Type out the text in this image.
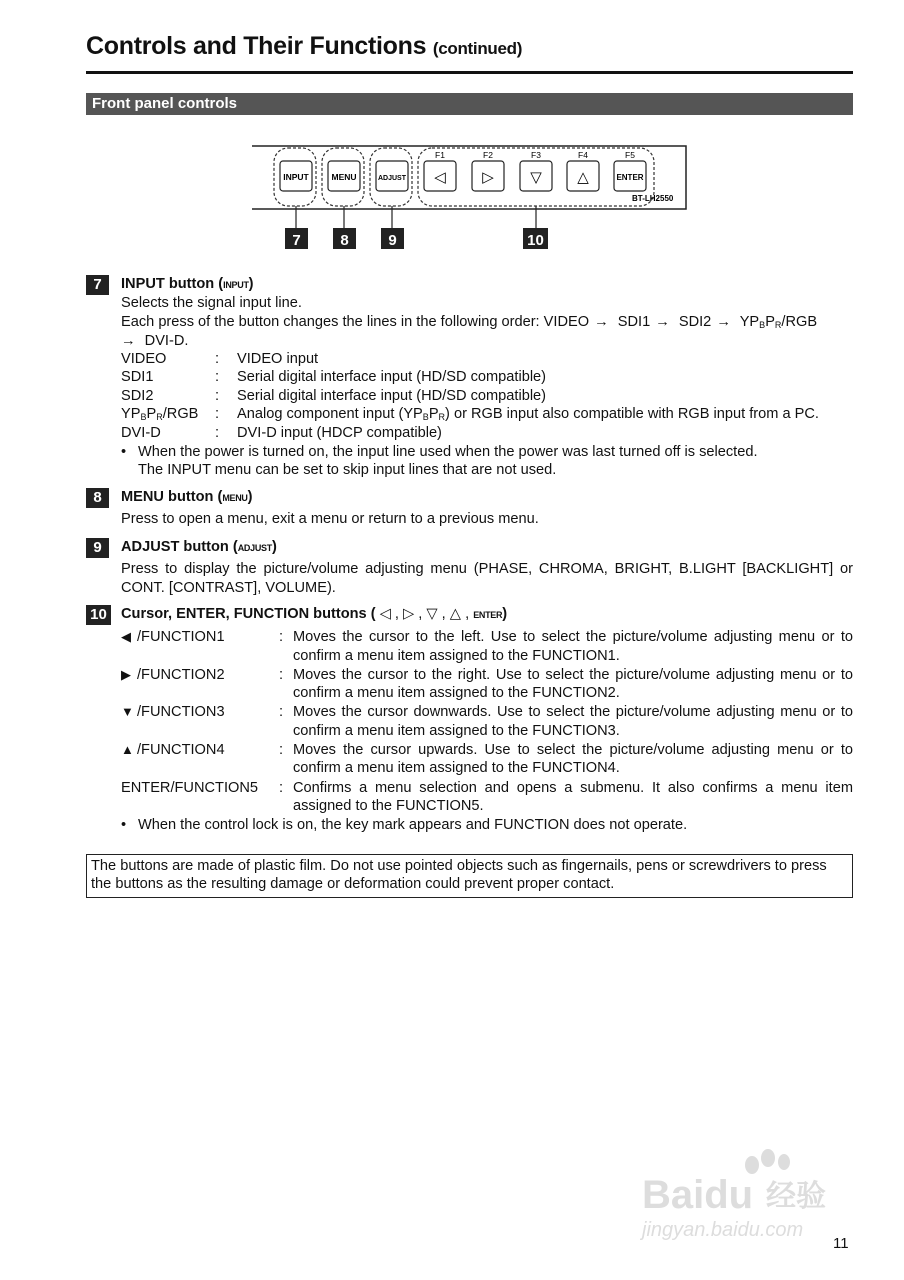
Controls and Their Functions (continued)
Front panel controls
INPUT	MENU	ADJUST
F1	F2	F3	F4	F5
◁ ▷ ▽ △	ENTER
BT-LH2550
7	8	9	10
7	INPUT button (INPUT)
Selects the signal input line.
Each press of the button changes the lines in the following order: VIDEO → SDI1 → SDI2 → YPBPR/RGB
→ DVI-D.
VIDEO	:	VIDEO input
SDI1	:	Serial digital interface input (HD/SD compatible)
SDI2	:	Serial digital interface input (HD/SD compatible)
YPBPR/RGB	:	Analog component input (YPBPR) or RGB input also compatible with RGB input from a PC.
DVI-D	:	DVI-D input (HDCP compatible)
• When the power is turned on, the input line used when the power was last turned off is selected.
The INPUT menu can be set to skip input lines that are not used.
8	MENU button (MENU)
Press to open a menu, exit a menu or return to a previous menu.
9	ADJUST button (ADJUST)
Press to display the picture/volume adjusting menu (PHASE, CHROMA, BRIGHT, B.LIGHT [BACKLIGHT] or CONT. [CONTRAST], VOLUME).
10 Cursor, ENTER, FUNCTION buttons ( ◁ , ▷ , ▽ , △ , ENTER)
◀ /FUNCTION1	: Moves the cursor to the left. Use to select the picture/volume adjusting menu or to confirm a menu item assigned to the FUNCTION1.
▶ /FUNCTION2	: Moves the cursor to the right. Use to select the picture/volume adjusting menu or to confirm a menu item assigned to the FUNCTION2.
▼ /FUNCTION3	: Moves the cursor downwards. Use to select the picture/volume adjusting menu or to confirm a menu item assigned to the FUNCTION3.
▲ /FUNCTION4	: Moves the cursor upwards. Use to select the picture/volume adjusting menu or to confirm a menu item assigned to the FUNCTION4.
ENTER/FUNCTION5	: Confirms a menu selection and opens a submenu. It also confirms a menu item assigned to the FUNCTION5.
• When the control lock is on, the key mark appears and FUNCTION does not operate.
The buttons are made of plastic film. Do not use pointed objects such as fingernails, pens or screwdrivers to press the buttons as the resulting damage or deformation could prevent proper contact.
Baidu 经验
jingyan.baidu.com
11
